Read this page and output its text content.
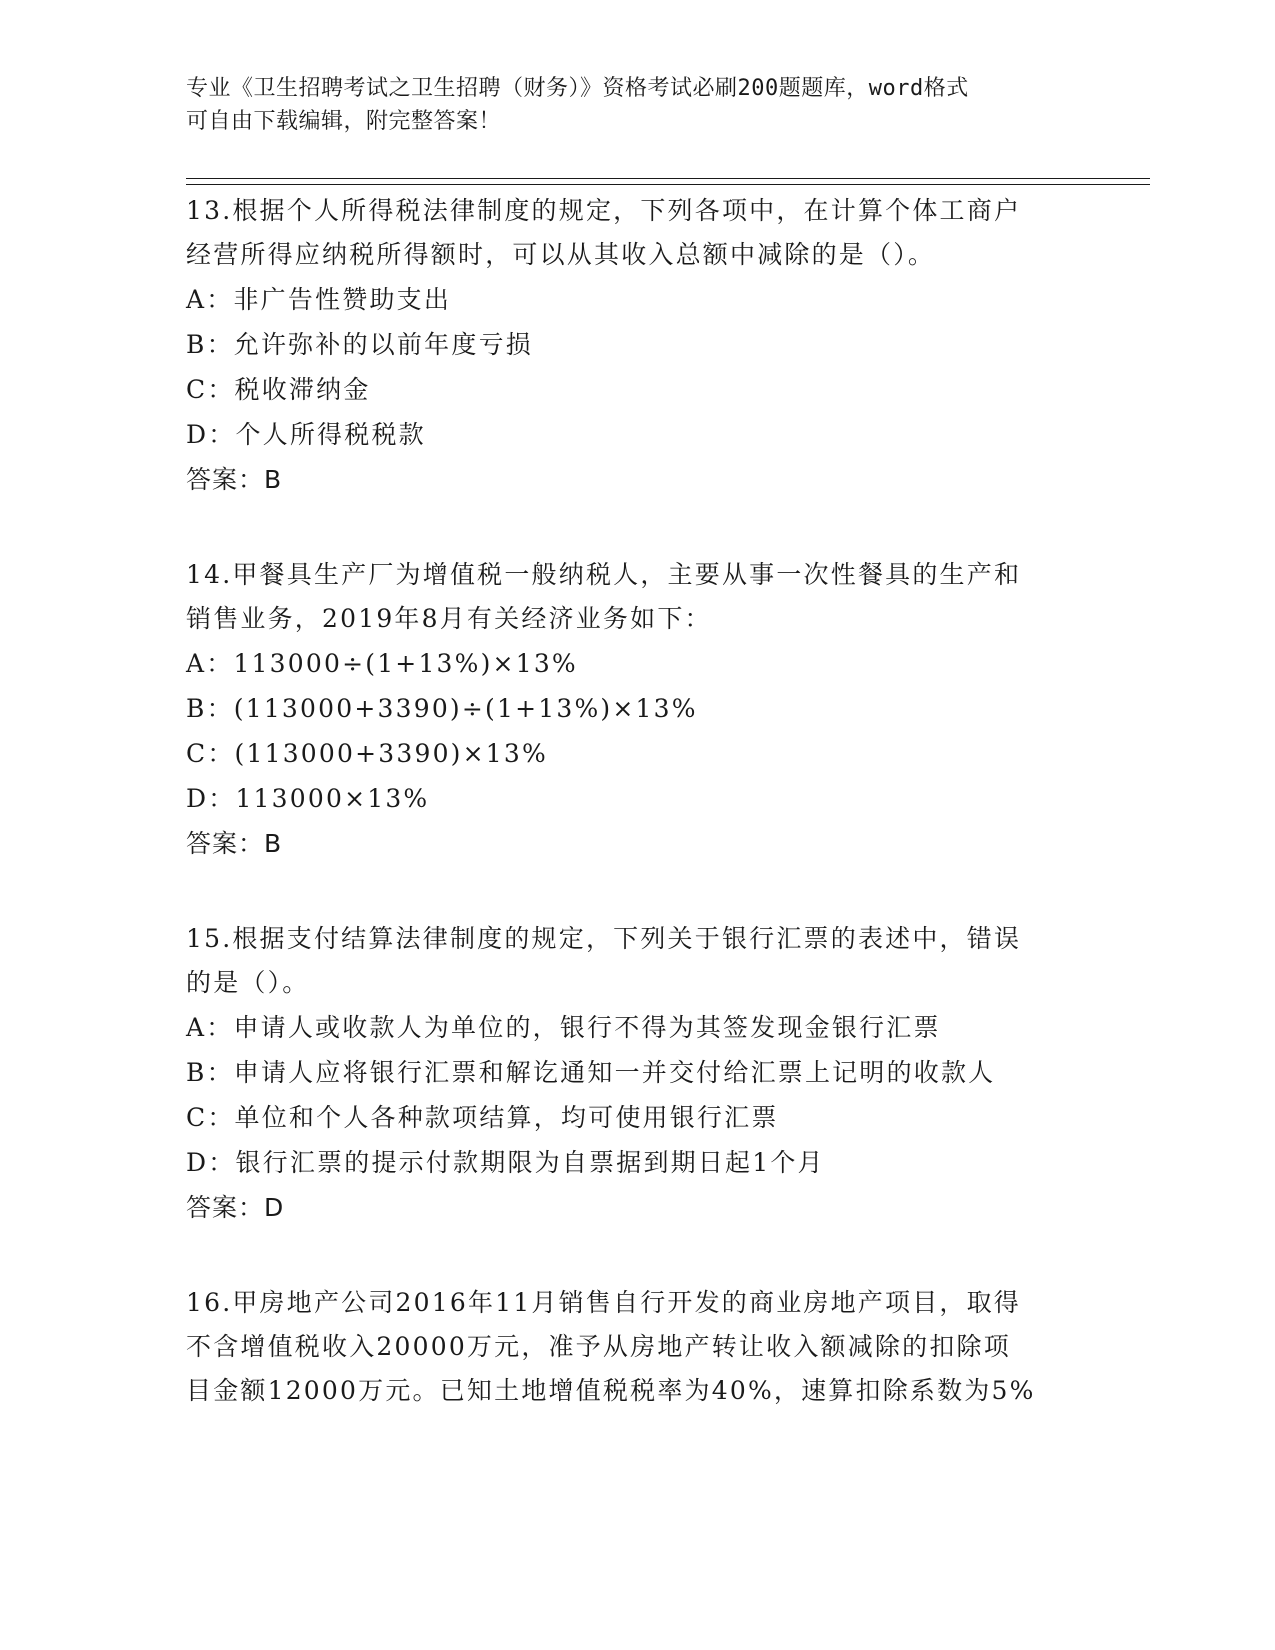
专业《卫生招聘考试之卫生招聘（财务）》资格考试必刷200题题库，word格式
可自由下载编辑，附完整答案！
13.根据个人所得税法律制度的规定，下列各项中，在计算个体工商户
经营所得应纳税所得额时，可以从其收入总额中减除的是（）。
A：非广告性赞助支出
B：允许弥补的以前年度亏损
C：税收滞纳金
D：个人所得税税款
答案：B
14.甲餐具生产厂为增值税一般纳税人，主要从事一次性餐具的生产和
销售业务，2019年8月有关经济业务如下：
A：113000÷(1+13%)×13%
B：(113000+3390)÷(1+13%)×13%
C：(113000+3390)×13%
D：113000×13%
答案：B
15.根据支付结算法律制度的规定，下列关于银行汇票的表述中，错误
的是（）。
A：申请人或收款人为单位的，银行不得为其签发现金银行汇票
B：申请人应将银行汇票和解讫通知一并交付给汇票上记明的收款人
C：单位和个人各种款项结算，均可使用银行汇票
D：银行汇票的提示付款期限为自票据到期日起1个月
答案：D
16.甲房地产公司2016年11月销售自行开发的商业房地产项目，取得
不含增值税收入20000万元，准予从房地产转让收入额减除的扣除项
目金额12000万元。已知土地增值税税率为40%，速算扣除系数为5%
